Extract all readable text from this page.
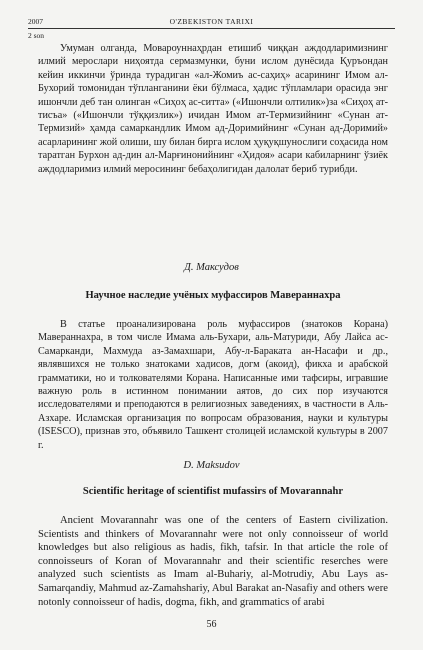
2007	O'ZBEKISTON TARIXI
2 son

Умуман олганда, Мовароуннаҳрдан етишиб чиққан аждодларимизнинг илмий мерослари ниҳоятда сермазмунки, буни ислом дунёсида Қуръондан кейин иккинчи ўринда турадиган «ал-Жомиъ ас-саҳиҳ» асарининг Имом ал-Бухорий томонидан тўпланганини ёки бўлмаса, ҳадис тўпламлари орасида энг ишончли деб тан олинган «Сиҳоҳ ас-ситта» («Ишончли олтилик»)за «Сиҳоҳ ат-тисъа» («Ишончли тўққизлик») ичидан Имом ат-Термизийнинг «Сунан ат-Термизий» ҳамда самаркандлик Имом ад-Доримийнинг «Сунан ад-Доримий» асарларининг жой олиши, шу билан бирга ислом ҳуқуқшунослиги соҳасида ном таратган Бурхон ад-дин ал-Марғинонийнинг «Ҳидоя» асари кабиларнинг ўзиёк аждодларимиз илмий меросининг бебаҳолигидан далолат бериб турибди.

Д. Максудов
Научное наследие учёных муфассиров Мавераннахра

В статье проанализирована роль муфассиров (знатоков Корана) Мавераннахра, в том числе Имама аль-Бухари, аль-Матуриди, Абу Лайса ас-Самарканди, Махмуда аз-Замахшари, Абу-л-Бараката ан-Насафи и др., являвшихся не только знатоками хадисов, догм (акоид), фикха и арабской грамматики, но и толкователями Корана. Написанные ими тафсиры, игравшие важную роль в истинном понимании аятов, до сих пор изучаются исследователями и преподаются в религиозных заведениях, в частности в Аль-Азхаре. Исламская организация по вопросам образования, науки и культуры (ISESCO), признав это, объявило Ташкент столицей исламской культуры в 2007 г.

D. Maksudov
Scientific heritage of scientifist mufassirs of Movarannahr

Ancient Movarannahr was one of the centers of Eastern civilization. Scientists and thinkers of Movarannahr were not only connoisseur of world knowledges but also religious as hadis, fikh, tafsir. In that article the role of connoisseurs of Koran of Movarannahr and their scientific reserches were analyzed such scientists as Imam al-Buhariy, al-Motrudiy, Abu Lays as-Samarqandiy, Mahmud az-Zamahshariy, Abul Barakat an-Nasafiy and others were notonly connoisseur of hadis, dogma, fikh, and grammatics of arabi

56
